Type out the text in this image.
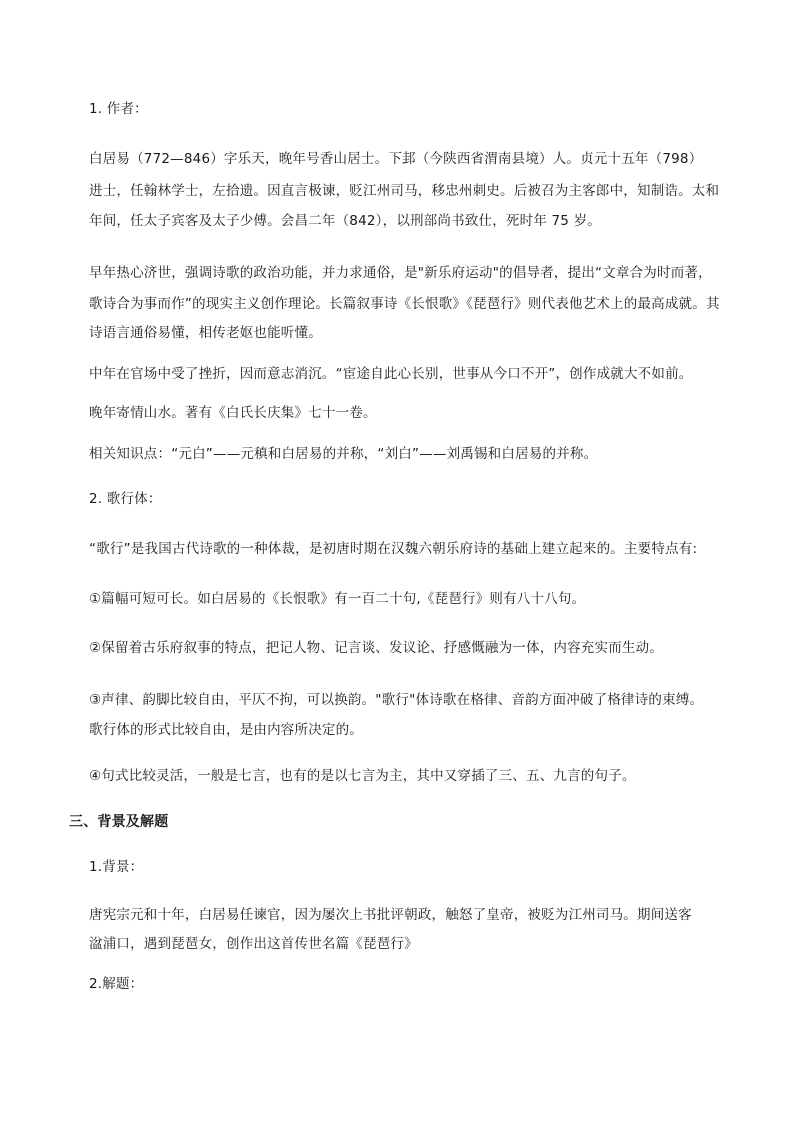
1. 作者：
白居易（772—846）字乐天，晚年号香山居士。下邽（今陕西省渭南县境）人。贞元十五年（798）
进士，任翰林学士，左拾遗。因直言极谏，贬江州司马，移忠州刺史。后被召为主客郎中，知制诰。太和
年间，任太子宾客及太子少傅。会昌二年（842），以刑部尚书致仕，死时年 75 岁。
早年热心济世，强调诗歌的政治功能，并力求通俗，是"新乐府运动"的倡导者，提出“文章合为时而著，
歌诗合为事而作”的现实主义创作理论。长篇叙事诗《长恨歌》《琵琶行》则代表他艺术上的最高成就。其
诗语言通俗易懂，相传老妪也能听懂。
中年在官场中受了挫折，因而意志消沉。“宦途自此心长别，世事从今口不开”，创作成就大不如前。
晚年寄情山水。著有《白氏长庆集》七十一卷。
相关知识点：“元白”——元稹和白居易的并称，“刘白”——刘禹锡和白居易的并称。
2. 歌行体：
“歌行”是我国古代诗歌的一种体裁，是初唐时期在汉魏六朝乐府诗的基础上建立起来的。主要特点有:
①篇幅可短可长。如白居易的《长恨歌》有一百二十句,《琵琶行》则有八十八句。
②保留着古乐府叙事的特点，把记人物、记言谈、发议论、抒感慨融为一体，内容充实而生动。
③声律、韵脚比较自由，平仄不拘，可以换韵。"歌行"体诗歌在格律、音韵方面冲破了格律诗的束缚。
歌行体的形式比较自由，是由内容所决定的。
④句式比较灵活，一般是七言，也有的是以七言为主，其中又穿插了三、五、九言的句子。
三、背景及解题
1.背景：
唐宪宗元和十年，白居易任谏官，因为屡次上书批评朝政，触怒了皇帝，被贬为江州司马。期间送客
湓浦口，遇到琵琶女，创作出这首传世名篇《琵琶行》
2.解题：
